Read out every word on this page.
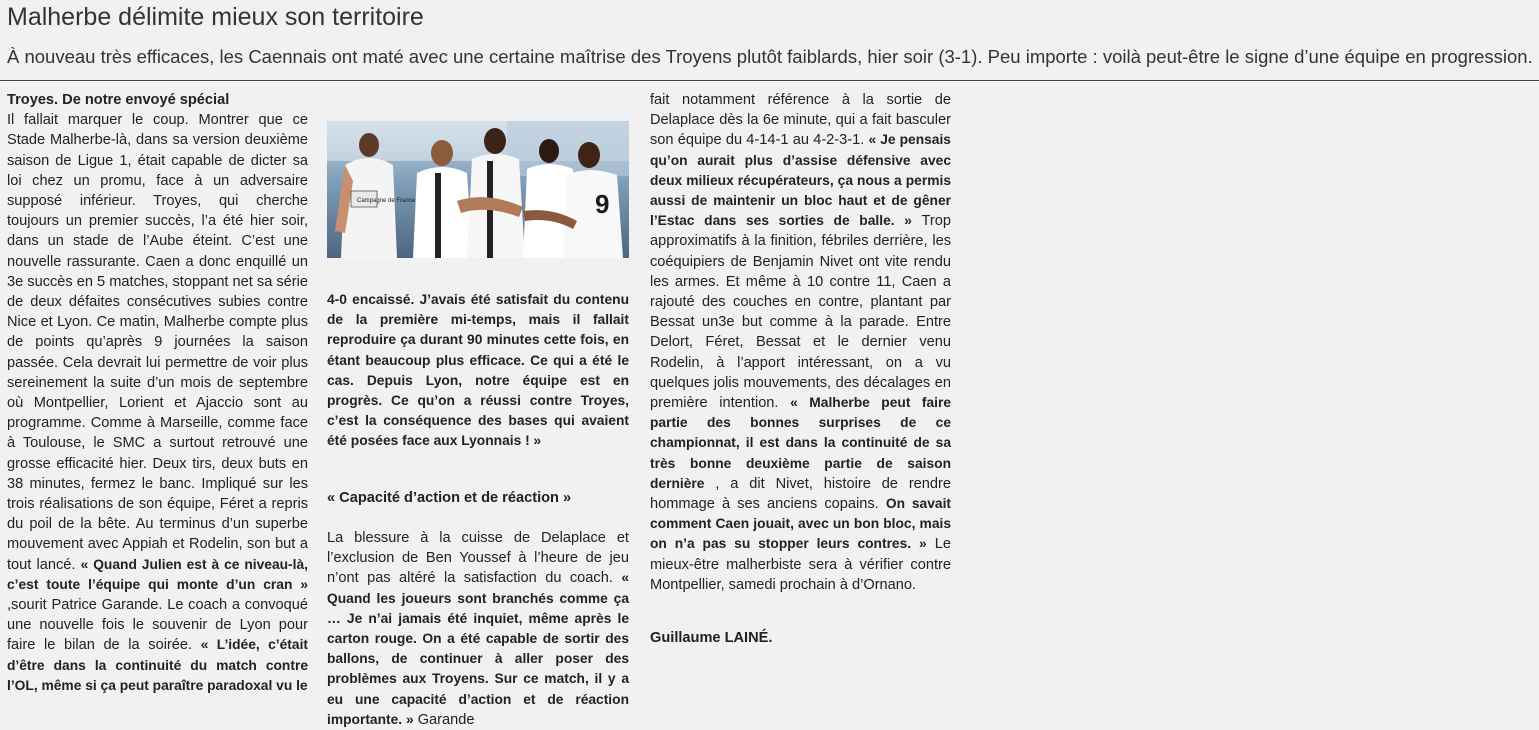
Malherbe délimite mieux son territoire
À nouveau très efficaces, les Caennais ont maté avec une certaine maîtrise des Troyens plutôt faiblards, hier soir (3-1). Peu importe : voilà peut-être le signe d’une équipe en progression.

Troyes. De notre envoyé spécial
Il fallait marquer le coup. Montrer que ce Stade Malherbe-là, dans sa version deuxième saison de Ligue 1, était capable de dicter sa loi chez un promu, face à un adversaire supposé inférieur. Troyes, qui cherche toujours un premier succès, l’a été hier soir, dans un stade de l’Aube éteint. C’est une nouvelle rassurante. Caen a donc enquillé un 3e succès en 5 matches, stoppant net sa série de deux défaites consécutives subies contre Nice et Lyon. Ce matin, Malherbe compte plus de points qu’après 9 journées la saison passée. Cela devrait lui permettre de voir plus sereinement la suite d’un mois de septembre où Montpellier, Lorient et Ajaccio sont au programme. Comme à Marseille, comme face à Toulouse, le SMC a surtout retrouvé une grosse efficacité hier. Deux tirs, deux buts en 38 minutes, fermez le banc. Impliqué sur les trois réalisations de son équipe, Féret a repris du poil de la bête. Au terminus d’un superbe mouvement avec Appiah et Rodelin, son but a tout lancé. « Quand Julien est à ce niveau-là, c’est toute l’équipe qui monte d’un cran » ,sourit Patrice Garande. Le coach a convoqué une nouvelle fois le souvenir de Lyon pour faire le bilan de la soirée. « L’idée, c’était d’être dans la continuité du match contre l’OL, même si ça peut paraître paradoxal vu le

9
Campagne de France

4-0 encaissé. J’avais été satisfait du contenu de la première mi-temps, mais il fallait reproduire ça durant 90 minutes cette fois, en étant beaucoup plus efficace. Ce qui a été le cas. Depuis Lyon, notre équipe est en progrès. Ce qu’on a réussi contre Troyes, c’est la conséquence des bases qui avaient été posées face aux Lyonnais ! »

« Capacité d’action et de réaction »

La blessure à la cuisse de Delaplace et l’exclusion de Ben Youssef à l’heure de jeu n’ont pas altéré la satisfaction du coach. « Quand les joueurs sont branchés comme ça … Je n’ai jamais été inquiet, même après le carton rouge. On a été capable de sortir des ballons, de continuer à aller poser des problèmes aux Troyens. Sur ce match, il y a eu une capacité d’action et de réaction importante. » Garande

fait notamment référence à la sortie de Delaplace dès la 6e minute, qui a fait basculer son équipe du 4-14-1 au 4-2-3-1. « Je pensais qu’on aurait plus d’assise défensive avec deux milieux récupérateurs, ça nous a permis aussi de maintenir un bloc haut et de gêner l’Estac dans ses sorties de balle. » Trop approximatifs à la finition, fébriles derrière, les coéquipiers de Benjamin Nivet ont vite rendu les armes. Et même à 10 contre 11, Caen a rajouté des couches en contre, plantant par Bessat un3e but comme à la parade. Entre Delort, Féret, Bessat et le dernier venu Rodelin, à l’apport intéressant, on a vu quelques jolis mouvements, des décalages en première intention. « Malherbe peut faire partie des bonnes surprises de ce championnat, il est dans la continuité de sa très bonne deuxième partie de saison dernière , a dit Nivet, histoire de rendre hommage à ses anciens copains. On savait comment Caen jouait, avec un bon bloc, mais on n’a pas su stopper leurs contres. » Le mieux-être malherbiste sera à vérifier contre Montpellier, samedi prochain à d’Ornano.

Guillaume LAINÉ.
